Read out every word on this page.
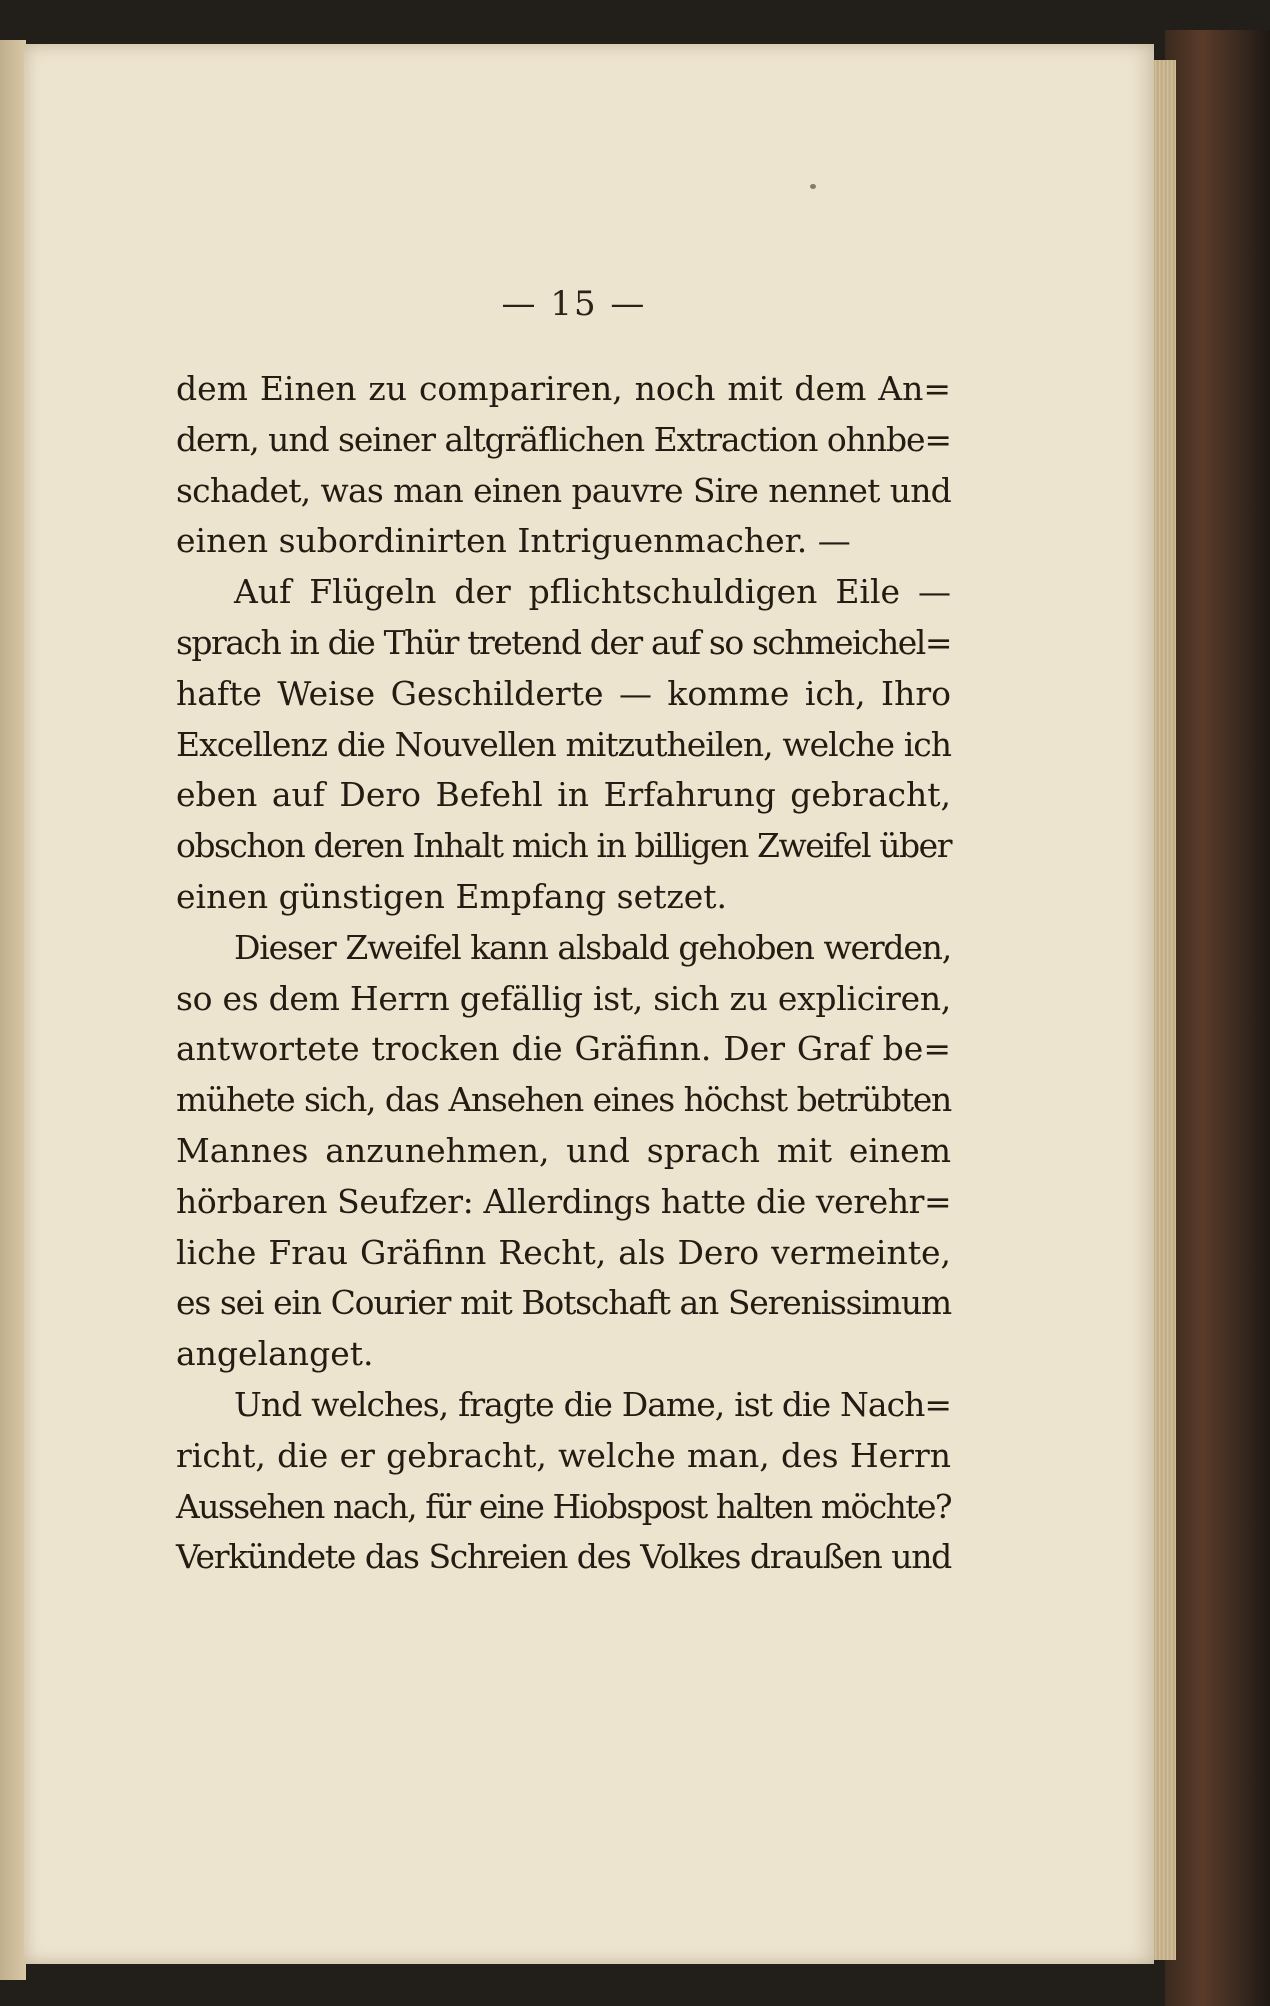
— 15 —
dem Einen zu compariren, noch mit dem An=
dern, und seiner altgräflichen Extraction ohnbe=
schadet, was man einen pauvre Sire nennet und
einen subordinirten Intriguenmacher. —
Auf Flügeln der pflichtschuldigen Eile —
sprach in die Thür tretend der auf so schmeichel=
hafte Weise Geschilderte — komme ich, Ihro
Excellenz die Nouvellen mitzutheilen, welche ich
eben auf Dero Befehl in Erfahrung gebracht,
obschon deren Inhalt mich in billigen Zweifel über
einen günstigen Empfang setzet.
Dieser Zweifel kann alsbald gehoben werden,
so es dem Herrn gefällig ist, sich zu expliciren,
antwortete trocken die Gräfinn. Der Graf be=
mühete sich, das Ansehen eines höchst betrübten
Mannes anzunehmen, und sprach mit einem
hörbaren Seufzer: Allerdings hatte die verehr=
liche Frau Gräfinn Recht, als Dero vermeinte,
es sei ein Courier mit Botschaft an Serenissimum
angelanget.
Und welches, fragte die Dame, ist die Nach=
richt, die er gebracht, welche man, des Herrn
Aussehen nach, für eine Hiobspost halten möchte?
Verkündete das Schreien des Volkes draußen und
